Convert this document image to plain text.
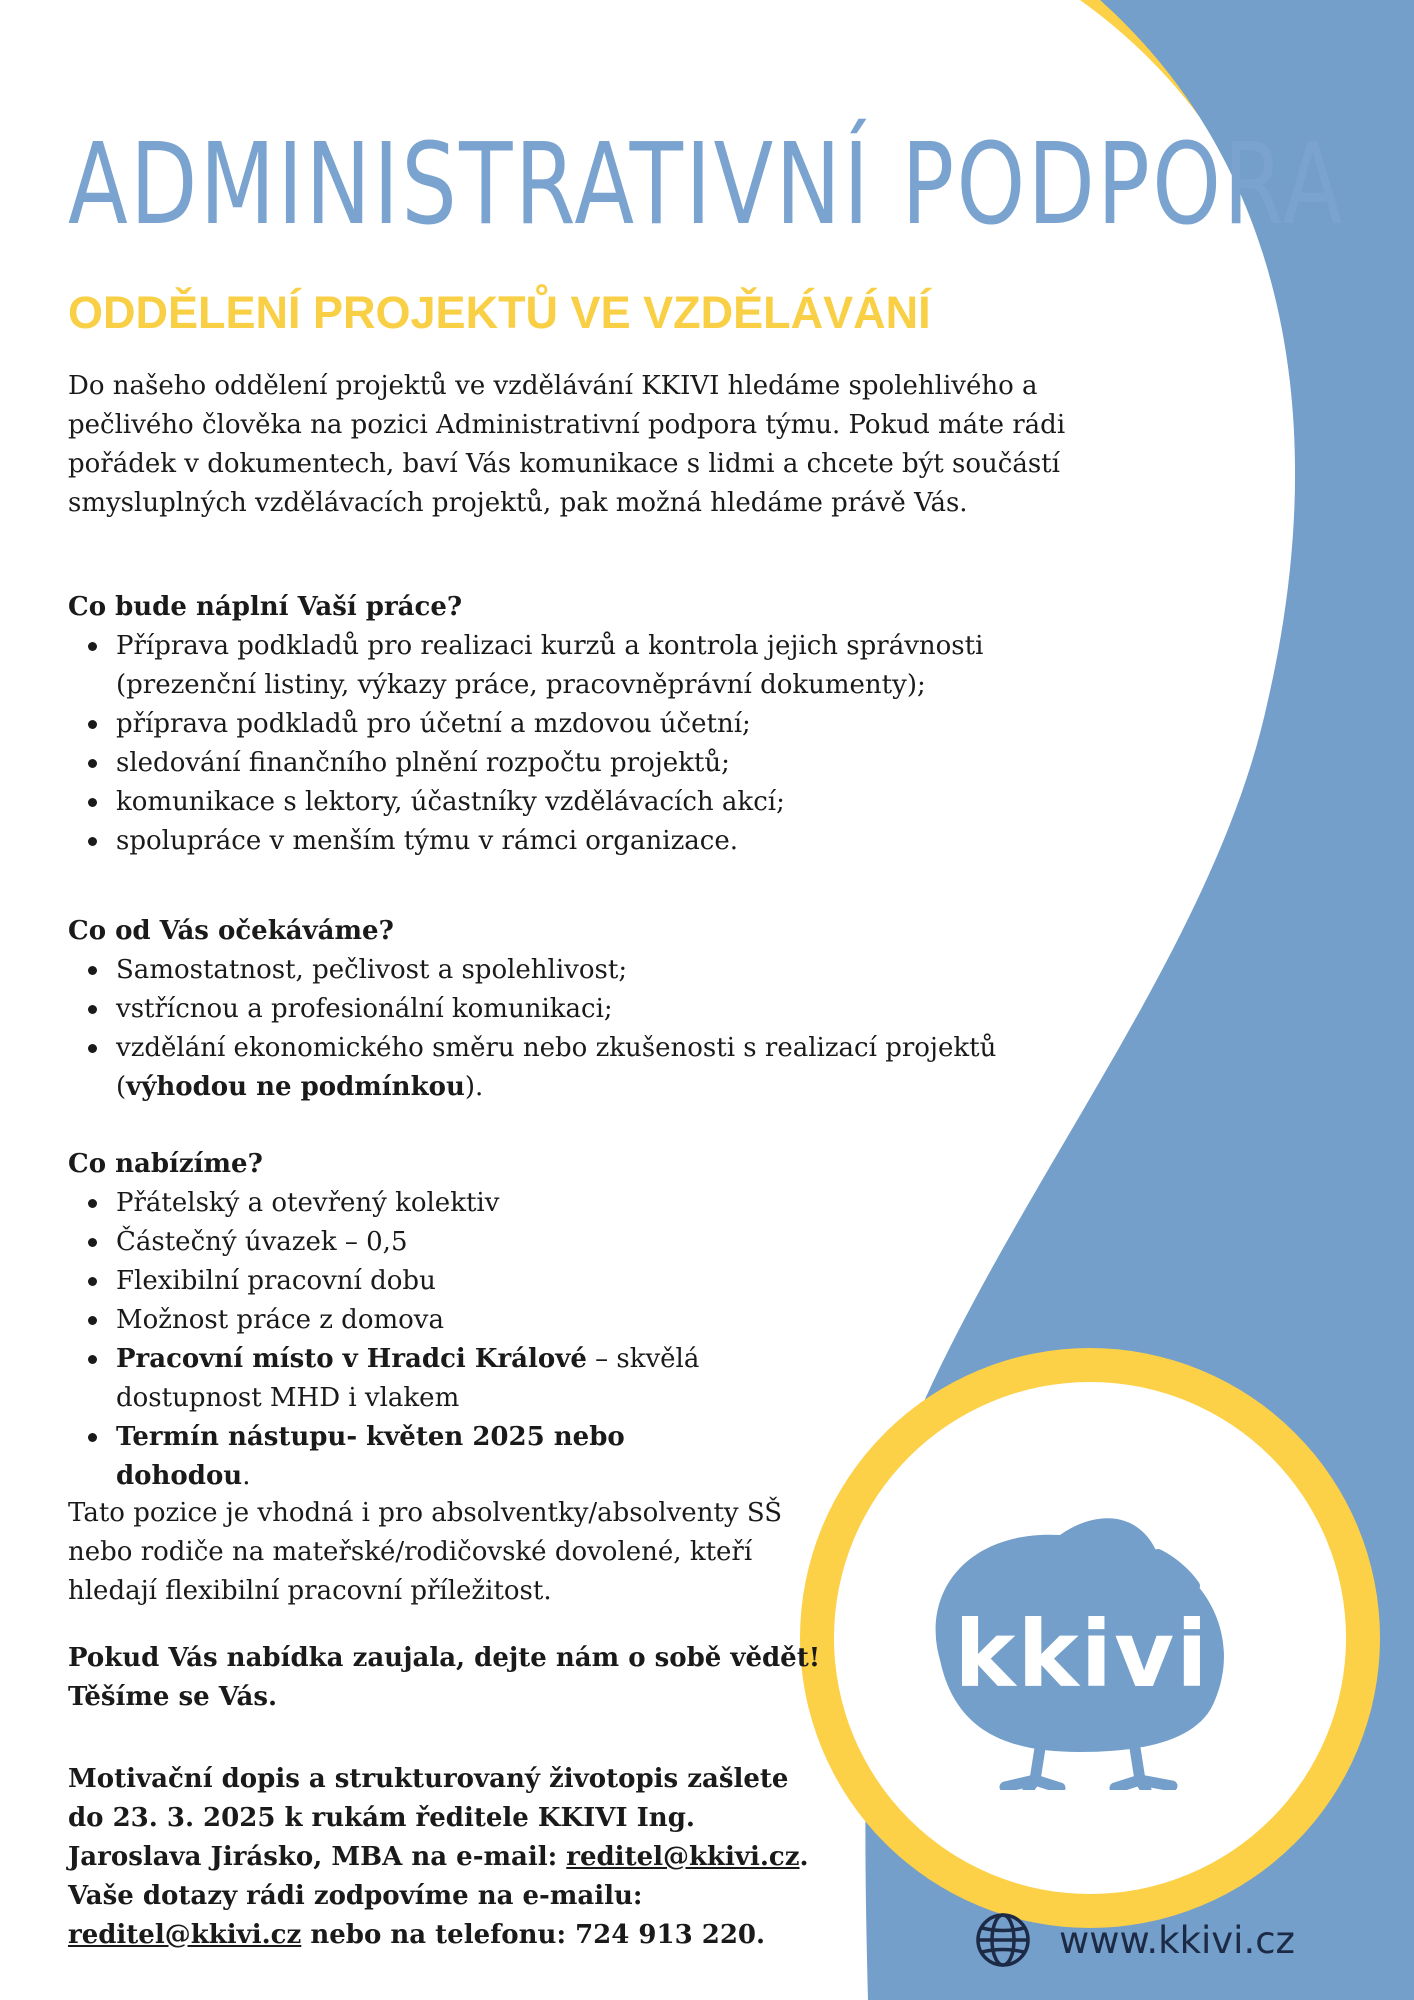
ADMINISTRATIVNÍ PODPORA
ODDĚLENÍ PROJEKTŮ VE VZDĚLÁVÁNÍ

Do našeho oddělení projektů ve vzdělávání KKIVI hledáme spolehlivého a pečlivého člověka na pozici Administrativní podpora týmu. Pokud máte rádi pořádek v dokumentech, baví Vás komunikace s lidmi a chcete být součástí smysluplných vzdělávacích projektů, pak možná hledáme právě Vás.

Co bude náplní Vaší práce?

Příprava podkladů pro realizaci kurzů a kontrola jejich správnosti (prezenční listiny, výkazy práce, pracovněprávní dokumenty);
příprava podkladů pro účetní a mzdovou účetní;
sledování finančního plnění rozpočtu projektů;
komunikace s lektory, účastníky vzdělávacích akcí;
spolupráce v menším týmu v rámci organizace.

Co od Vás očekáváme?

Samostatnost, pečlivost a spolehlivost;
vstřícnou a profesionální komunikaci;
vzdělání ekonomického směru nebo zkušenosti s realizací projektů (výhodou ne podmínkou).

Co nabízíme?

Přátelský a otevřený kolektiv
Částečný úvazek – 0,5
Flexibilní pracovní dobu
Možnost práce z domova
Pracovní místo v Hradci Králové – skvělá dostupnost MHD i vlakem
Termín nástupu- květen 2025 nebo dohodou.

Tato pozice je vhodná i pro absolventky/absolventy SŠ nebo rodiče na mateřské/rodičovské dovolené, kteří hledají flexibilní pracovní příležitost.

Pokud Vás nabídka zaujala, dejte nám o sobě vědět!

Těšíme se Vás.

Motivační dopis a strukturovaný životopis zašlete do 23. 3. 2025 k rukám ředitele KKIVI Ing. Jaroslava Jirásko, MBA na e-mail: reditel@kkivi.cz. Vaše dotazy rádi zodpovíme na e-mailu: reditel@kkivi.cz nebo na telefonu: 724 913 220.

kkivi
www.kkivi.cz
